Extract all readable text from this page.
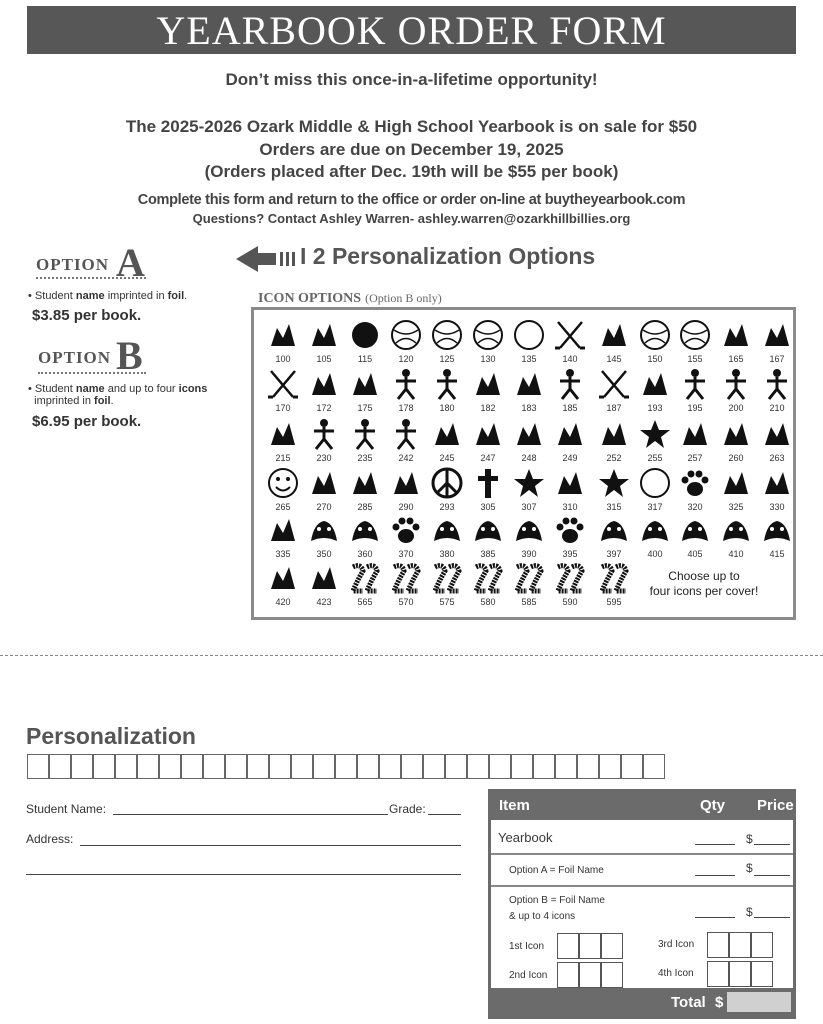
YEARBOOK ORDER FORM
Don’t miss this once-in-a-lifetime opportunity!
The 2025-2026 Ozark Middle & High School Yearbook is on sale for $50
Orders are due on December 19, 2025
(Orders placed after Dec. 19th will be $55 per book)
Complete this form and return to the office or order on-line at buytheyearbook.com
Questions? Contact Ashley Warren- ashley.warren@ozarkhillbillies.org
OPTION A
• Student name imprinted in foil.
$3.85 per book.
OPTION B
• Student name and up to four icons
imprinted in foil.
$6.95 per book.
I 2 Personalization Options
ICON OPTIONS (Option B only)
Choose up to
four icons per cover!
100	105	115	120	125	130	135	140	145	150	155	165	167
170	172	175	178	180	182	183	185	187	193	195	200	210
215	230	235	242	245	247	248	249	252	255	257	260	263
265	270	285	290	293	305	307	310	315	317	320	325	330
335	350	360	370	380	385	390	395	397	400	405	410	415
420	423	565	570	575	580	585	590	595
Personalization
Student Name:	Grade:
Address:
Item	Qty Price
Yearbook	$
Option A = Foil Name	$
Option B = Foil Name
& up to 4 icons	$
1st Icon	3rd Icon
2nd Icon	4th Icon
Total $
